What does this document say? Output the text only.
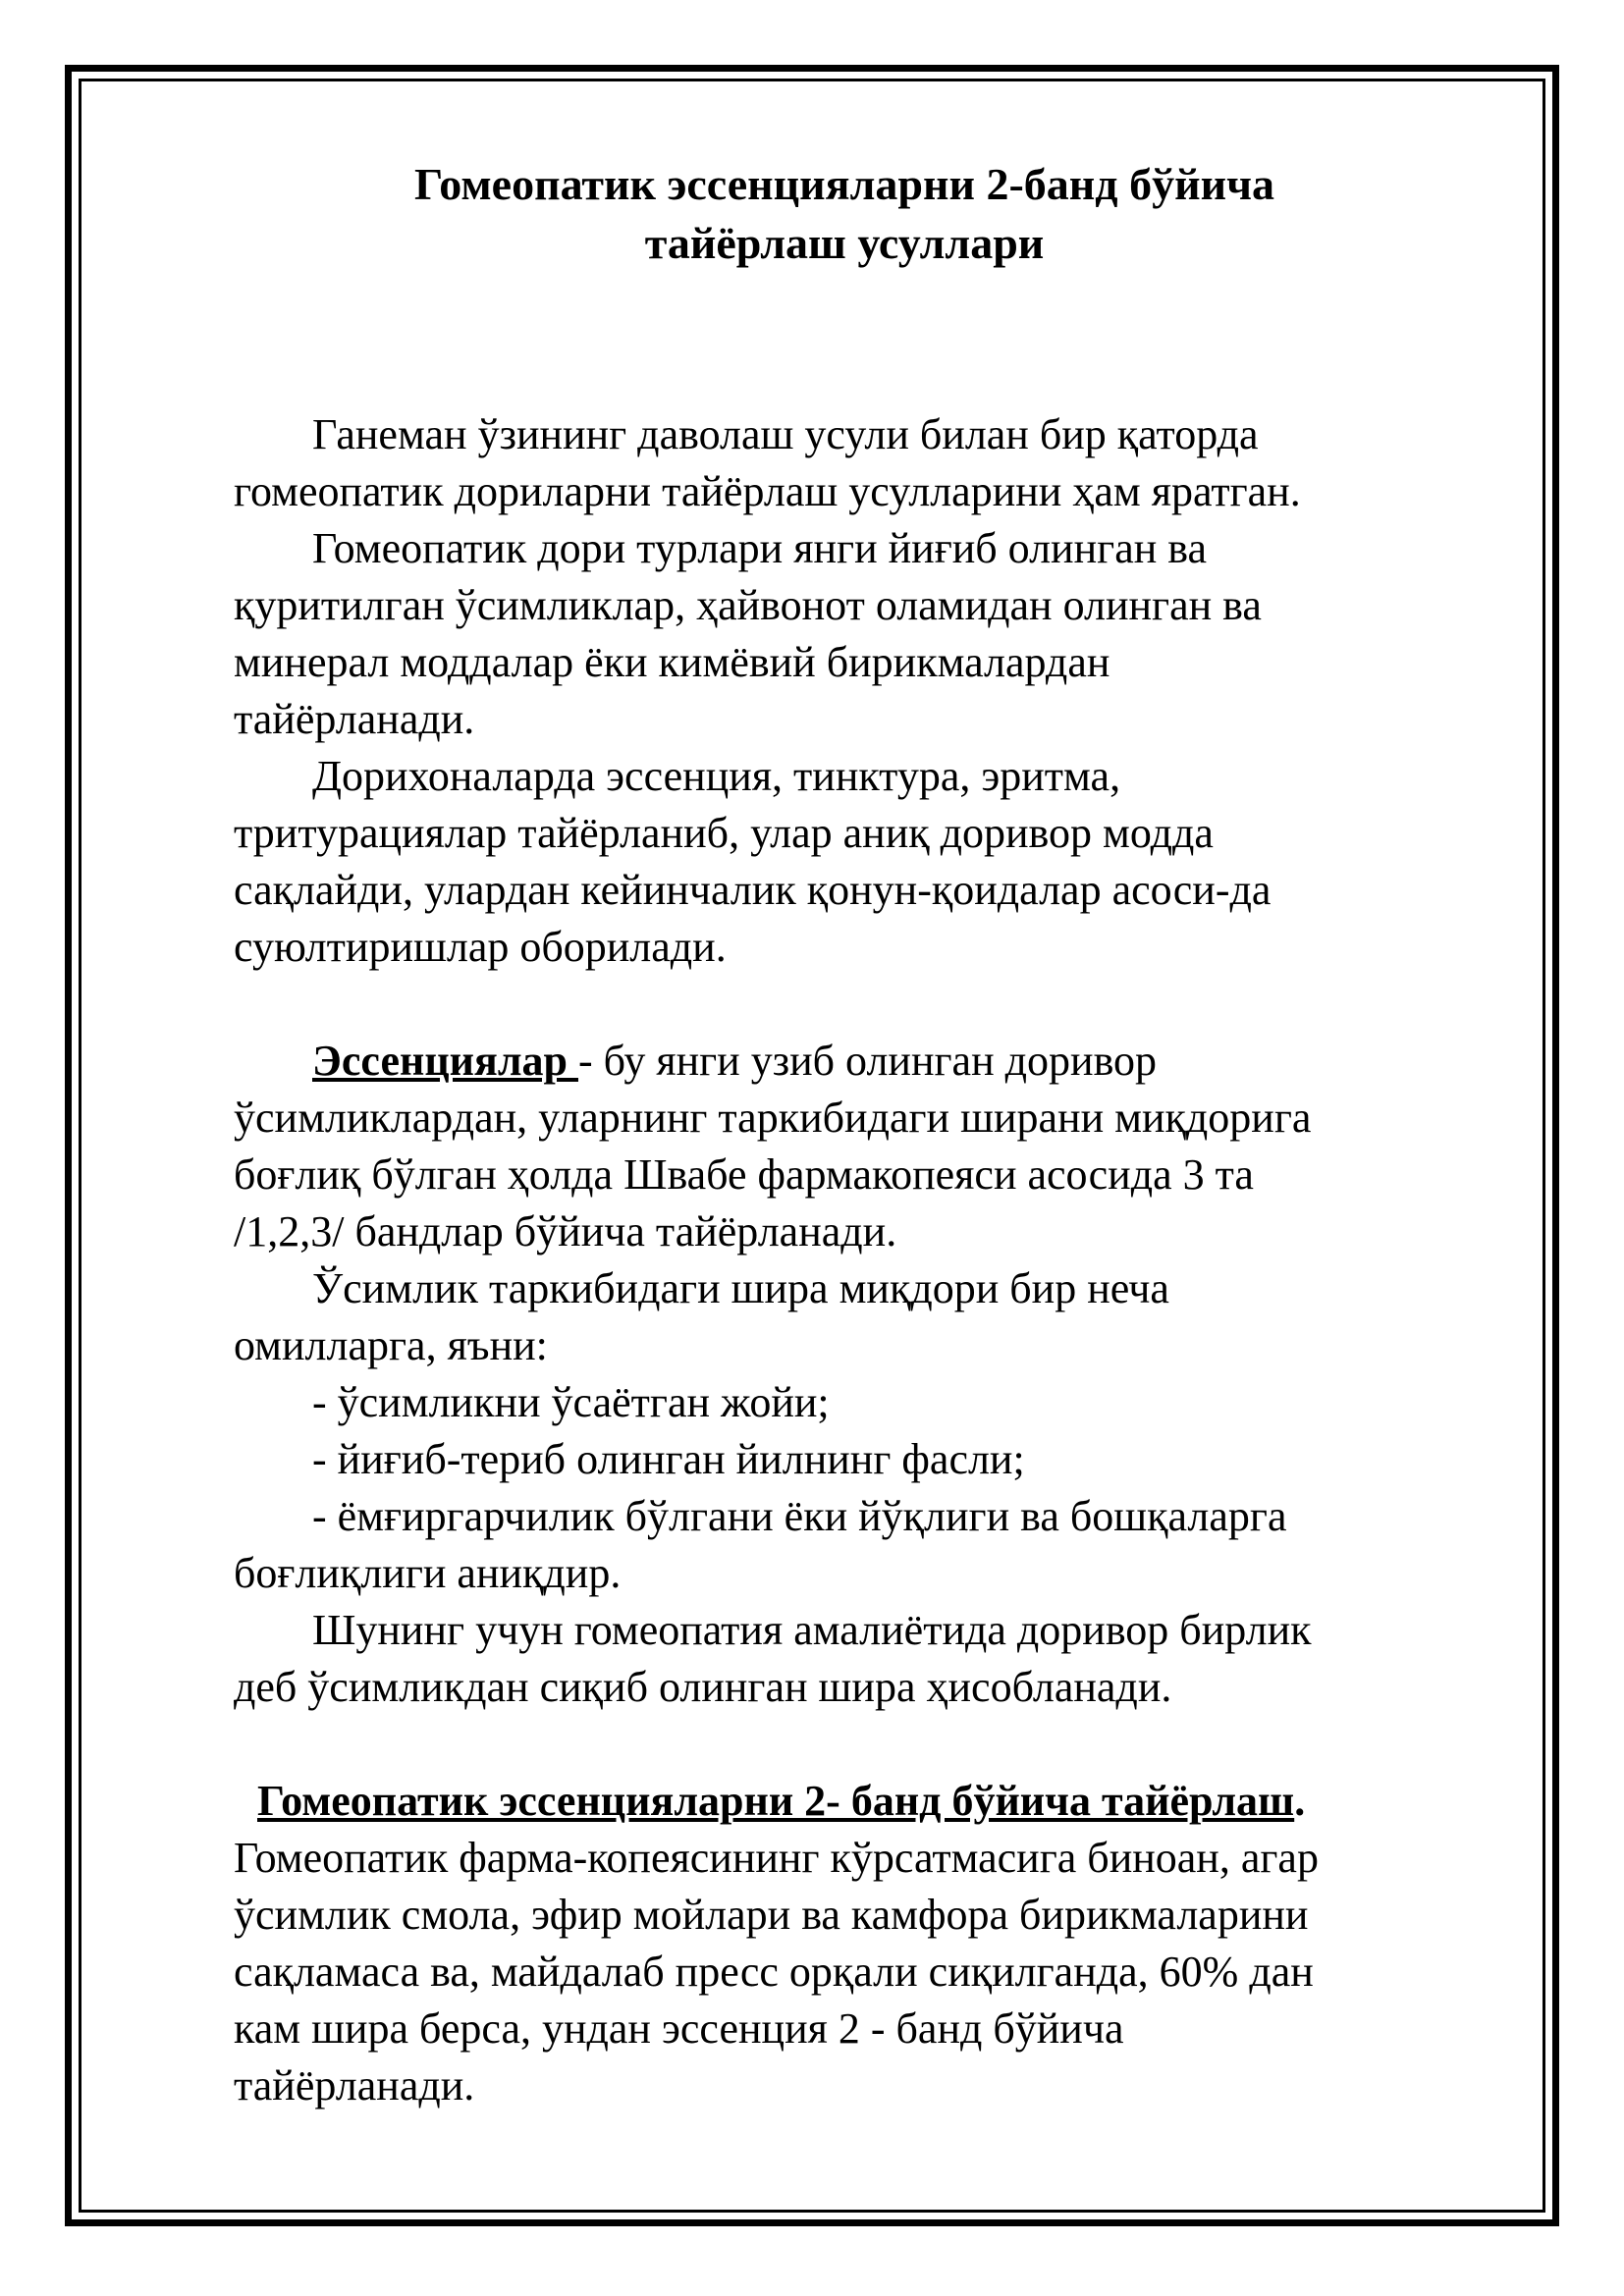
Гомеопатик эссенцияларни 2-банд бўйича
тайёрлаш усуллари
Ганеман ўзининг даволаш усули билан бир қаторда
гомеопатик дориларни тайёрлаш усулларини ҳам яратган.
Гомеопатик дори турлари янги йиғиб олинган ва
қуритилган ўсимликлар, ҳайвонот оламидан олинган ва
минерал моддалар ёки кимёвий бирикмалардан
тайёрланади.
Дорихоналарда эссенция, тинктура, эритма,
тритурациялар тайёрланиб, улар аниқ доривор модда
сақлайди, улардан кейинчалик қонун-қоидалар асоси-да
суюлтиришлар оборилади.
Эссенциялар - бу янги узиб олинган доривор
ўсимликлардан, уларнинг таркибидаги ширани миқдорига
боғлиқ бўлган ҳолда Швабе фармакопеяси асосида 3 та
/1,2,3/ бандлар бўйича тайёрланади.
Ўсимлик таркибидаги шира миқдори бир неча
омилларга, яъни:
- ўсимликни ўсаётган жойи;
- йиғиб-териб олинган йилнинг фасли;
- ёмғиргарчилик бўлгани ёки йўқлиги ва бошқаларга
боғлиқлиги аниқдир.
Шунинг учун гомеопатия амалиётида доривор бирлик
деб ўсимликдан сиқиб олинган шира ҳисобланади.
Гомеопатик эссенцияларни 2- банд бўйича тайёрлаш.
Гомеопатик фарма-копеясининг кўрсатмасига биноан, агар
ўсимлик смола, эфир мойлари ва камфора бирикмаларини
сақламаса ва, майдалаб пресс орқали сиқилганда, 60% дан
кам шира берса, ундан эссенция 2 - банд бўйича
тайёрланади.
